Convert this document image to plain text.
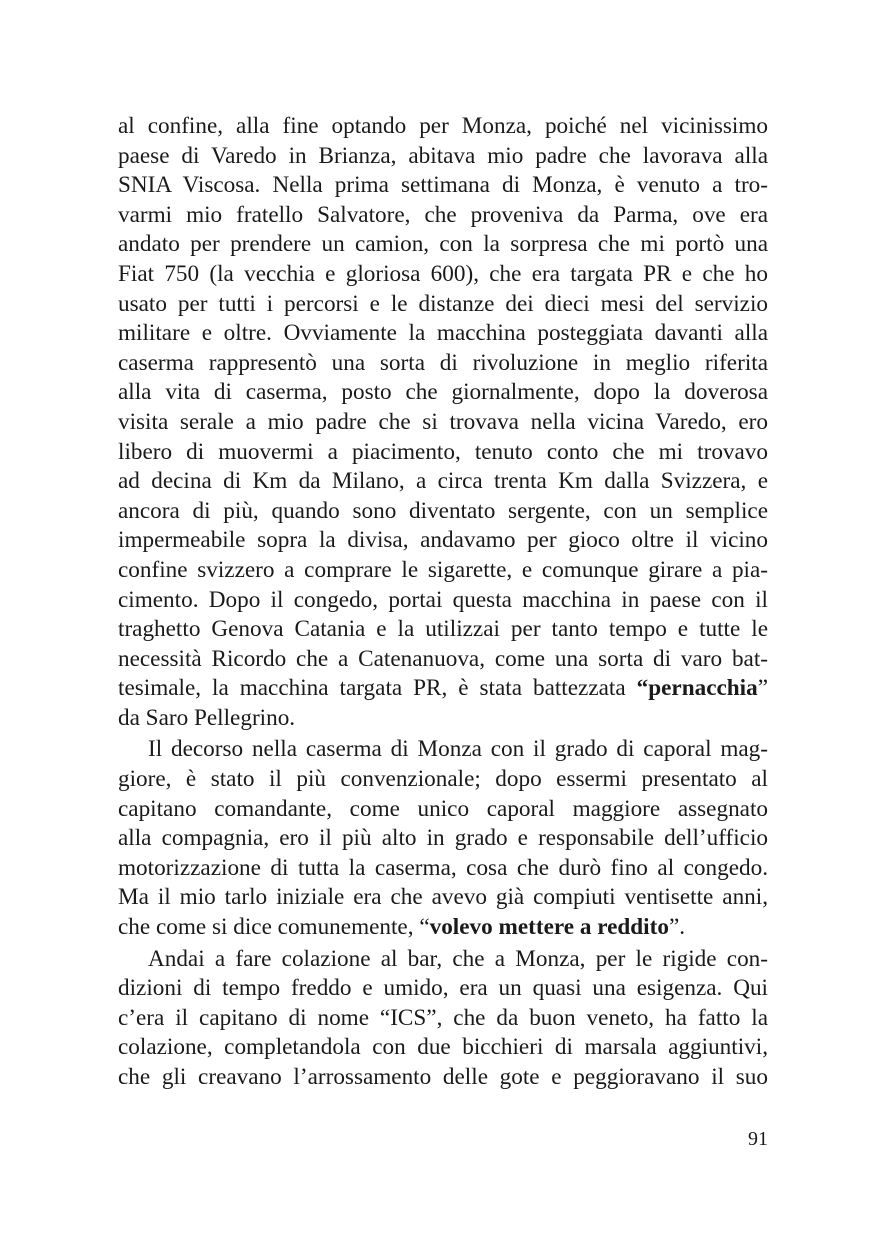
al confine, alla fine optando per Monza, poiché nel vicinissimo
paese di Varedo in Brianza, abitava mio padre che lavorava alla
SNIA Viscosa. Nella prima settimana di Monza, è venuto a tro-
varmi mio fratello Salvatore, che proveniva da Parma, ove era
andato per prendere un camion, con la sorpresa che mi portò una
Fiat 750 (la vecchia e gloriosa 600), che era targata PR e che ho
usato per tutti i percorsi e le distanze dei dieci mesi del servizio
militare e oltre. Ovviamente la macchina posteggiata davanti alla
caserma rappresentò una sorta di rivoluzione in meglio riferita
alla vita di caserma, posto che giornalmente, dopo la doverosa
visita serale a mio padre che si trovava nella vicina Varedo, ero
libero di muovermi a piacimento, tenuto conto che mi trovavo
ad decina di Km da Milano, a circa trenta Km dalla Svizzera, e
ancora di più, quando sono diventato sergente, con un semplice
impermeabile sopra la divisa, andavamo per gioco oltre il vicino
confine svizzero a comprare le sigarette, e comunque girare a pia-
cimento. Dopo il congedo, portai questa macchina in paese con il
traghetto Genova Catania e la utilizzai per tanto tempo e tutte le
necessità Ricordo che a Catenanuova, come una sorta di varo bat-
tesimale, la macchina targata PR, è stata battezzata “pernacchia”
da Saro Pellegrino.
Il decorso nella caserma di Monza con il grado di caporal mag-
giore, è stato il più convenzionale; dopo essermi presentato al
capitano comandante, come unico caporal maggiore assegnato
alla compagnia, ero il più alto in grado e responsabile dell’ufficio
motorizzazione di tutta la caserma, cosa che durò fino al congedo.
Ma il mio tarlo iniziale era che avevo già compiuti ventisette anni,
che come si dice comunemente, “volevo mettere a reddito”.
Andai a fare colazione al bar, che a Monza, per le rigide con-
dizioni di tempo freddo e umido, era un quasi una esigenza. Qui
c’era il capitano di nome “ICS”, che da buon veneto, ha fatto la
colazione, completandola con due bicchieri di marsala aggiuntivi,
che gli creavano l’arrossamento delle gote e peggioravano il suo
91
